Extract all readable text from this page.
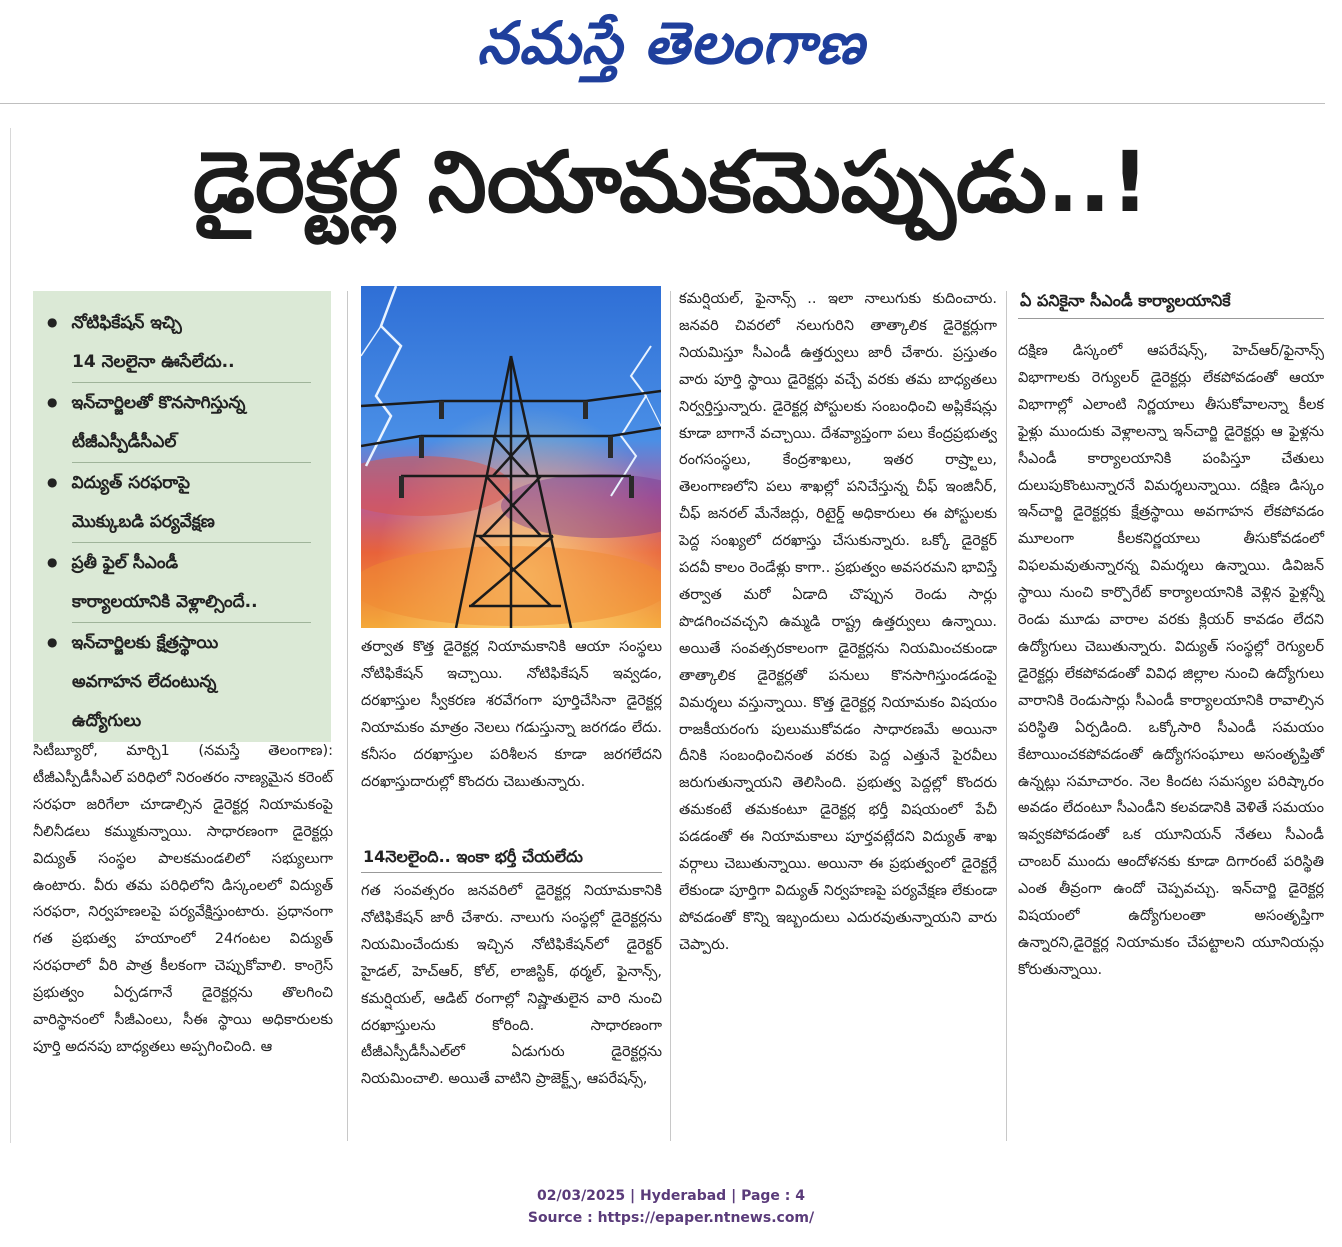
నమస్తే తెలంగాణ
డైరెక్టర్ల నియామకమెప్పుడు..!
● నోటిఫికేషన్ ఇచ్చి
14 నెలలైనా ఊసేలేదు..
● ఇన్‌చార్జిలతో కొనసాగిస్తున్న
టీజీఎస్పీడీసీఎల్
● విద్యుత్ సరఫరాపై
మొక్కుబడి పర్యవేక్షణ
● ప్రతీ ఫైల్ సీఎండీ
కార్యాలయానికి వెళ్లాల్సిందే..
● ఇన్‌చార్జిలకు క్షేత్రస్థాయి
అవగాహన లేదంటున్న
ఉద్యోగులు

సిటీబ్యూరో, మార్చి1 (నమస్తే తెలంగాణ): టీజీఎస్పీడీసీఎల్ పరిధిలో నిరంతరం నాణ్యమైన కరెంట్ సరఫరా జరిగేలా చూడాల్సిన డైరెక్టర్ల నియామకంపై నీలినీడలు కమ్ముకున్నాయి. సాధారణంగా డైరెక్టర్లు విద్యుత్ సంస్థల పాలకమండలిలో సభ్యులుగా ఉంటారు. వీరు తమ పరిధిలోని డిస్కంలలో విద్యుత్ సరఫరా, నిర్వహణలపై పర్యవేక్షిస్తుంటారు. ప్రధానంగా గత ప్రభుత్వ హయాంలో 24గంటల విద్యుత్ సరఫరాలో వీరి పాత్ర కీలకంగా చెప్పుకోవాలి. కాంగ్రెస్ ప్రభుత్వం ఏర్పడగానే డైరెక్టర్లను తొలగించి వారిస్థానంలో సీజీఎంలు, సీఈ స్థాయి అధికారులకు పూర్తి అదనపు బాధ్యతలు అప్పగించింది. ఆ

తర్వాత కొత్త డైరెక్టర్ల నియామకానికి ఆయా సంస్థలు నోటిఫికేషన్ ఇచ్చాయి. నోటిఫికేషన్ ఇవ్వడం, దరఖాస్తుల స్వీకరణ శరవేగంగా పూర్తిచేసినా డైరెక్టర్ల నియామకం మాత్రం నెలలు గడుస్తున్నా జరగడం లేదు. కనీసం దరఖాస్తుల పరిశీలన కూడా జరగలేదని దరఖాస్తుదారుల్లో కొందరు చెబుతున్నారు.

14నెలలైంది.. ఇంకా భర్తీ చేయలేదు

గత సంవత్సరం జనవరిలో డైరెక్టర్ల నియామకానికి నోటిఫికేషన్ జారీ చేశారు. నాలుగు సంస్థల్లో డైరెక్టర్లను నియమించేందుకు ఇచ్చిన నోటిఫికేషన్‌లో డైరెక్టర్ హైడల్, హెచ్ఆర్, కోల్, లాజిస్టిక్, థర్మల్, ఫైనాన్స్, కమర్షియల్, ఆడిట్ రంగాల్లో నిష్ణాతులైన వారి నుంచి దరఖాస్తులను కోరింది. సాధారణంగా టీజీఎస్పీడీసీఎల్‌లో ఏడుగురు డైరెక్టర్లను నియమించాలి. అయితే వాటిని ప్రాజెక్ట్స్, ఆపరేషన్స్,

కమర్షియల్, ఫైనాన్స్ .. ఇలా నాలుగుకు కుదించారు. జనవరి చివరలో నలుగురిని తాత్కాలిక డైరెక్టర్లుగా నియమిస్తూ సీఎండీ ఉత్తర్వులు జారీ చేశారు. ప్రస్తుతం వారు పూర్తి స్థాయి డైరెక్టర్లు వచ్చే వరకు తమ బాధ్యతలు నిర్వర్తిస్తున్నారు. డైరెక్టర్ల పోస్టులకు సంబంధించి అప్లికేషన్లు కూడా బాగానే వచ్చాయి. దేశవ్యాప్తంగా పలు కేంద్రప్రభుత్వ రంగసంస్థలు, కేంద్రశాఖలు, ఇతర రాష్ర్టాలు, తెలంగాణలోని పలు శాఖల్లో పనిచేస్తున్న చీఫ్ ఇంజినీర్, చీఫ్ జనరల్ మేనేజర్లు, రిటైర్డ్ అధికారులు ఈ పోస్టులకు పెద్ద సంఖ్యలో దరఖాస్తు చేసుకున్నారు. ఒక్కో డైరెక్టర్ పదవీ కాలం రెండేళ్లు కాగా.. ప్రభుత్వం అవసరమని భావిస్తే తర్వాత మరో ఏడాది చొప్పున రెండు సార్లు పొడగించవచ్చని ఉమ్మడి రాష్ట్ర ఉత్తర్వులు ఉన్నాయి. అయితే సంవత్సరకాలంగా డైరెక్టర్లను నియమించకుండా తాత్కాలిక డైరెక్టర్లతో పనులు కొనసాగిస్తుండడంపై విమర్శలు వస్తున్నాయి. కొత్త డైరెక్టర్ల నియామకం విషయం రాజకీయరంగు పులుముకోవడం సాధారణమే అయినా దీనికి సంబంధించినంత వరకు పెద్ద ఎత్తునే పైరవీలు జరుగుతున్నాయని తెలిసింది. ప్రభుత్వ పెద్దల్లో కొందరు తమకంటే తమకంటూ డైరెక్టర్ల భర్తీ విషయంలో పేచీ పడడంతో ఈ నియామకాలు పూర్తవట్లేదని విద్యుత్ శాఖ వర్గాలు చెబుతున్నాయి. అయినా ఈ ప్రభుత్వంలో డైరెక్టర్లే లేకుండా పూర్తిగా విద్యుత్ నిర్వహణపై పర్యవేక్షణ లేకుండా పోవడంతో కొన్ని ఇబ్బందులు ఎదురవుతున్నాయని వారు చెప్పారు.

ఏ పనికైనా సీఎండీ కార్యాలయానికే

దక్షిణ డిస్కంలో ఆపరేషన్స్, హెచ్ఆర్/ఫైనాన్స్ విభాగాలకు రెగ్యులర్ డైరెక్టర్లు లేకపోవడంతో ఆయా విభాగాల్లో ఎలాంటి నిర్ణయాలు తీసుకోవాలన్నా కీలక ఫైళ్లు ముందుకు వెళ్లాలన్నా ఇన్‌చార్జి డైరెక్టర్లు ఆ ఫైళ్లను సీఎండీ కార్యాలయానికి పంపిస్తూ చేతులు దులుపుకొంటున్నారనే విమర్శలున్నాయి. దక్షిణ డిస్కం ఇన్‌చార్జి డైరెక్టర్లకు క్షేత్రస్థాయి అవగాహన లేకపోవడం మూలంగా కీలకనిర్ణయాలు తీసుకోవడంలో విఫలమవుతున్నారన్న విమర్శలు ఉన్నాయి. డివిజన్ స్థాయి నుంచి కార్పొరేట్ కార్యాలయానికి వెళ్లిన ఫైళ్లన్నీ రెండు మూడు వారాల వరకు క్లియర్ కావడం లేదని ఉద్యోగులు చెబుతున్నారు. విద్యుత్ సంస్థల్లో రెగ్యులర్ డైరెక్టర్లు లేకపోవడంతో వివిధ జిల్లాల నుంచి ఉద్యోగులు వారానికి రెండుసార్లు సీఎండీ కార్యాలయానికి రావాల్సిన పరిస్థితి ఏర్పడింది. ఒక్కోసారి సీఎండీ సమయం కేటాయించకపోవడంతో ఉద్యోగసంఘాలు అసంతృప్తితో ఉన్నట్లు సమాచారం. నెల కిందట సమస్యల పరిష్కారం అవడం లేదంటూ సీఎండీని కలవడానికి వెళితే సమయం ఇవ్వకపోవడంతో ఒక యూనియన్ నేతలు సీఎండీ చాంబర్ ముందు ఆందోళనకు కూడా దిగారంటే పరిస్థితి ఎంత తీవ్రంగా ఉందో చెప్పవచ్చు. ఇన్‌చార్జి డైరెక్టర్ల విషయంలో ఉద్యోగులంతా అసంతృప్తిగా ఉన్నారని,డైరెక్టర్ల నియామకం చేపట్టాలని యూనియన్లు కోరుతున్నాయి.

02/03/2025 | Hyderabad | Page : 4
Source : https://epaper.ntnews.com/
